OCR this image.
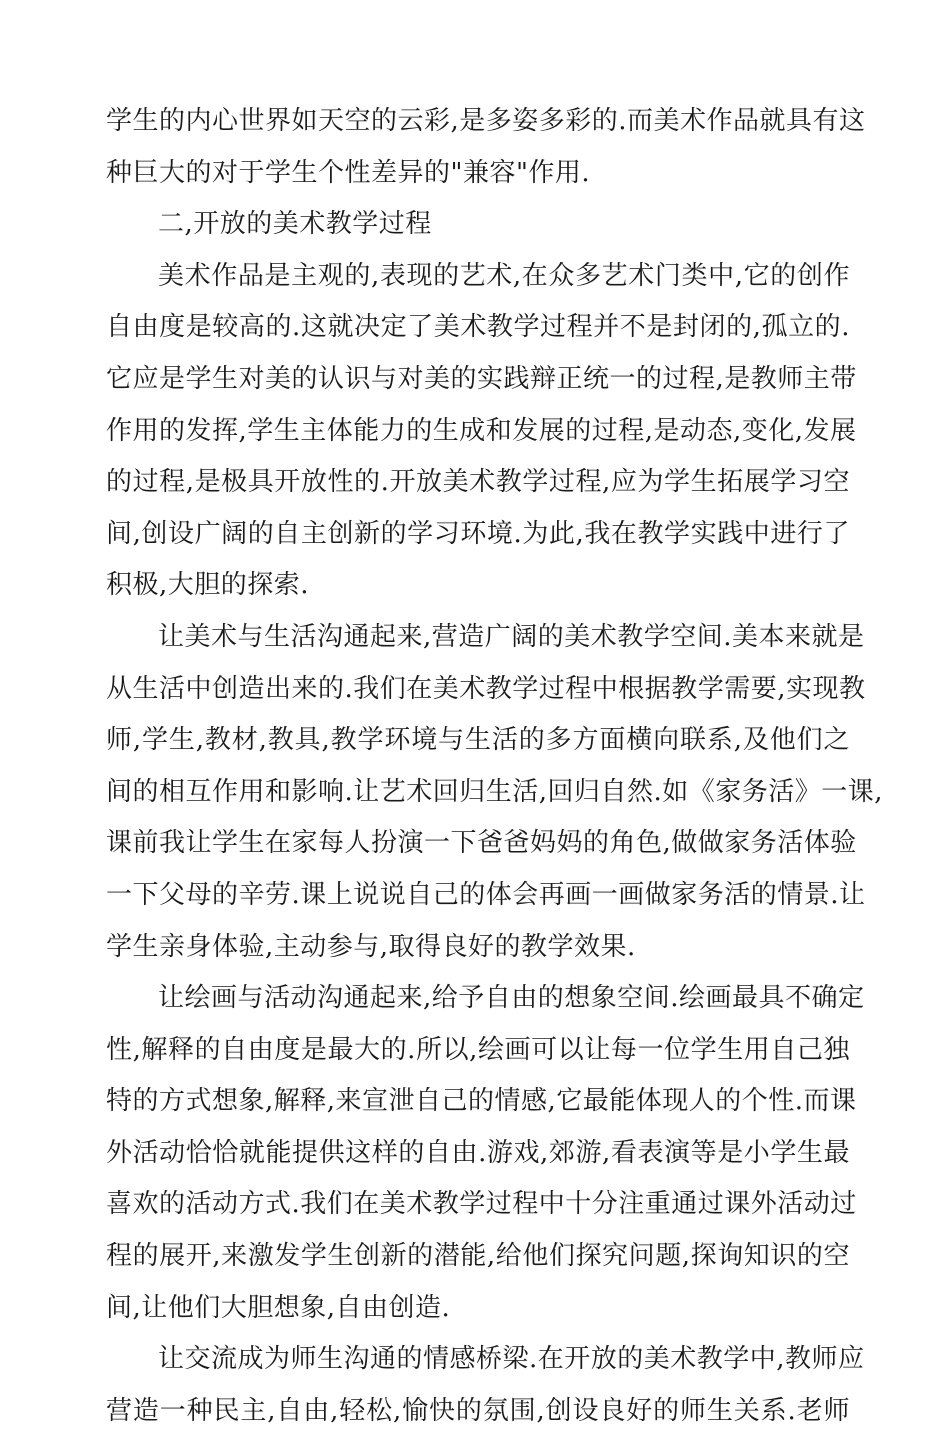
学生的内心世界如天空的云彩,是多姿多彩的.而美术作品就具有这
种巨大的对于学生个性差异的"兼容"作用.
二,开放的美术教学过程
美术作品是主观的,表现的艺术,在众多艺术门类中,它的创作
自由度是较高的.这就决定了美术教学过程并不是封闭的,孤立的.
它应是学生对美的认识与对美的实践辩正统一的过程,是教师主带
作用的发挥,学生主体能力的生成和发展的过程,是动态,变化,发展
的过程,是极具开放性的.开放美术教学过程,应为学生拓展学习空
间,创设广阔的自主创新的学习环境.为此,我在教学实践中进行了
积极,大胆的探索.
让美术与生活沟通起来,营造广阔的美术教学空间.美本来就是
从生活中创造出来的.我们在美术教学过程中根据教学需要,实现教
师,学生,教材,教具,教学环境与生活的多方面横向联系,及他们之
间的相互作用和影响.让艺术回归生活,回归自然.如《家务活》一课,
课前我让学生在家每人扮演一下爸爸妈妈的角色,做做家务活体验
一下父母的辛劳.课上说说自己的体会再画一画做家务活的情景.让
学生亲身体验,主动参与,取得良好的教学效果.
让绘画与活动沟通起来,给予自由的想象空间.绘画最具不确定
性,解释的自由度是最大的.所以,绘画可以让每一位学生用自己独
特的方式想象,解释,来宣泄自己的情感,它最能体现人的个性.而课
外活动恰恰就能提供这样的自由.游戏,郊游,看表演等是小学生最
喜欢的活动方式.我们在美术教学过程中十分注重通过课外活动过
程的展开,来激发学生创新的潜能,给他们探究问题,探询知识的空
间,让他们大胆想象,自由创造.
让交流成为师生沟通的情感桥梁.在开放的美术教学中,教师应
营造一种民主,自由,轻松,愉快的氛围,创设良好的师生关系.老师
